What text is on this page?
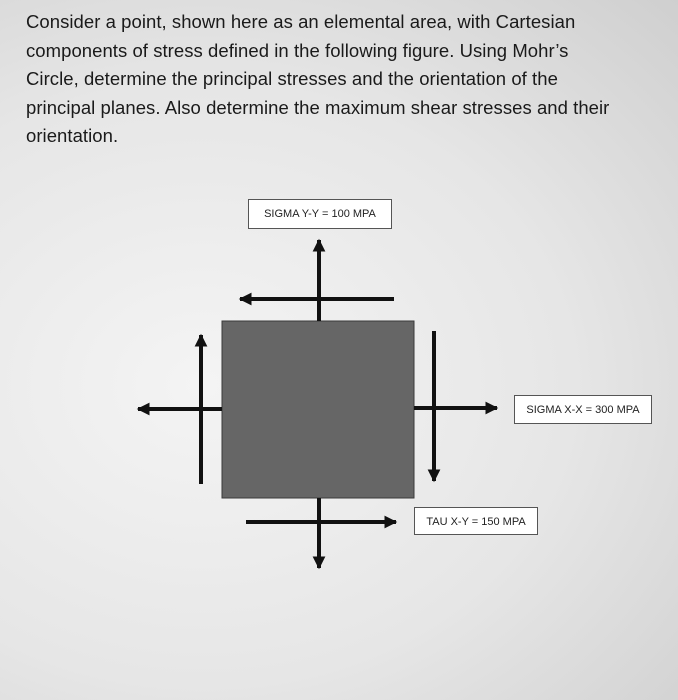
Consider a point, shown here as an elemental area, with Cartesian
components of stress defined in the following figure. Using Mohr’s
Circle, determine the principal stresses and the orientation of the
principal planes. Also determine the maximum shear stresses and their
orientation.
SIGMA Y-Y = 100 MPA
SIGMA X-X = 300 MPA
TAU X-Y = 150 MPA
